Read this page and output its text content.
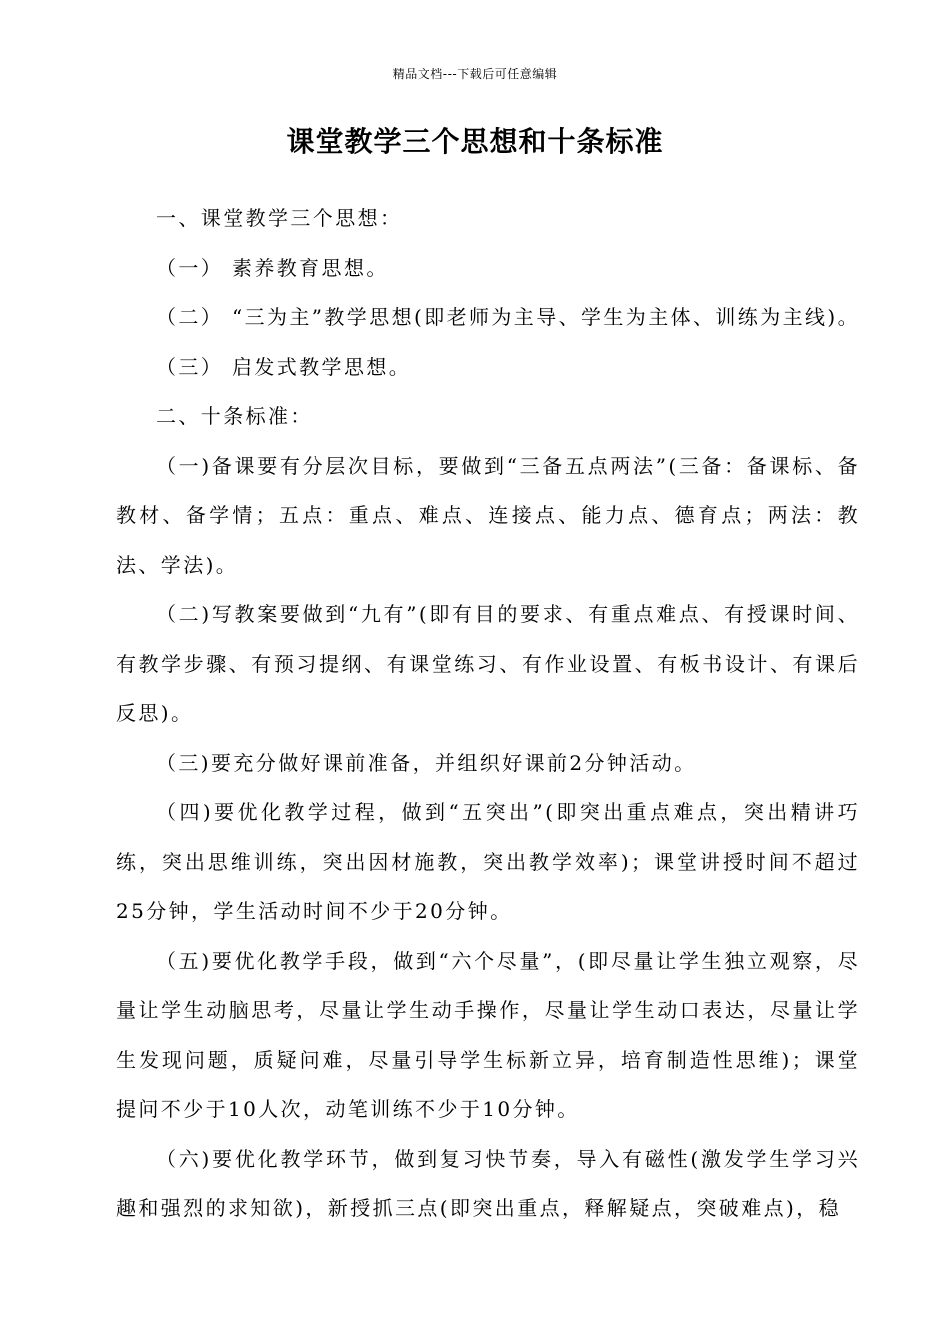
精品文档---下载后可任意编辑
课堂教学三个思想和十条标准

一、课堂教学三个思想：

（一） 素养教育思想。

（二） “三为主”教学思想(即老师为主导、学生为主体、训练为主线)。

（三） 启发式教学思想。

二、十条标准：

（一)备课要有分层次目标，要做到“三备五点两法”(三备：备课标、备教材、备学情；五点：重点、难点、连接点、能力点、德育点；两法：教法、学法)。

（二)写教案要做到“九有”(即有目的要求、有重点难点、有授课时间、有教学步骤、有预习提纲、有课堂练习、有作业设置、有板书设计、有课后反思)。

（三)要充分做好课前准备，并组织好课前2分钟活动。

（四)要优化教学过程，做到“五突出”(即突出重点难点，突出精讲巧练，突出思维训练，突出因材施教，突出教学效率)；课堂讲授时间不超过25分钟，学生活动时间不少于20分钟。

（五)要优化教学手段，做到“六个尽量”，(即尽量让学生独立观察，尽量让学生动脑思考，尽量让学生动手操作，尽量让学生动口表达，尽量让学生发现问题，质疑问难，尽量引导学生标新立异，培育制造性思维)；课堂提问不少于10人次，动笔训练不少于10分钟。

（六)要优化教学环节，做到复习快节奏，导入有磁性(激发学生学习兴趣和强烈的求知欲)，新授抓三点(即突出重点，释解疑点，突破难点)，稳
